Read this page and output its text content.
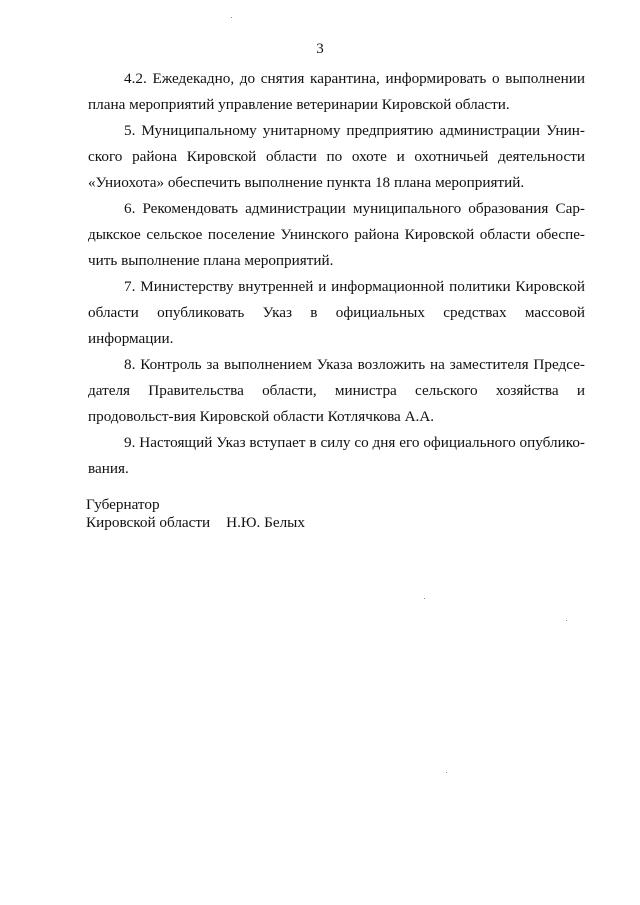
3

4.2. Ежедекадно, до снятия карантина, информировать о выполнении плана мероприятий управление ветеринарии Кировской области.

5. Муниципальному унитарному предприятию администрации Унин-ского района Кировской области по охоте и охотничьей деятельности «Униохота» обеспечить выполнение пункта 18 плана мероприятий.

6. Рекомендовать администрации муниципального образования Сар-дыкское сельское поселение Унинского района Кировской области обеспе-чить выполнение плана мероприятий.

7. Министерству внутренней и информационной политики Кировской области опубликовать Указ в официальных средствах массовой информации.

8. Контроль за выполнением Указа возложить на заместителя Предсе-дателя Правительства области, министра сельского хозяйства и продовольст-вия Кировской области Котлячкова А.А.

9. Настоящий Указ вступает в силу со дня его официального опублико-вания.

Губернатор
Кировской области Н.Ю. Белых
